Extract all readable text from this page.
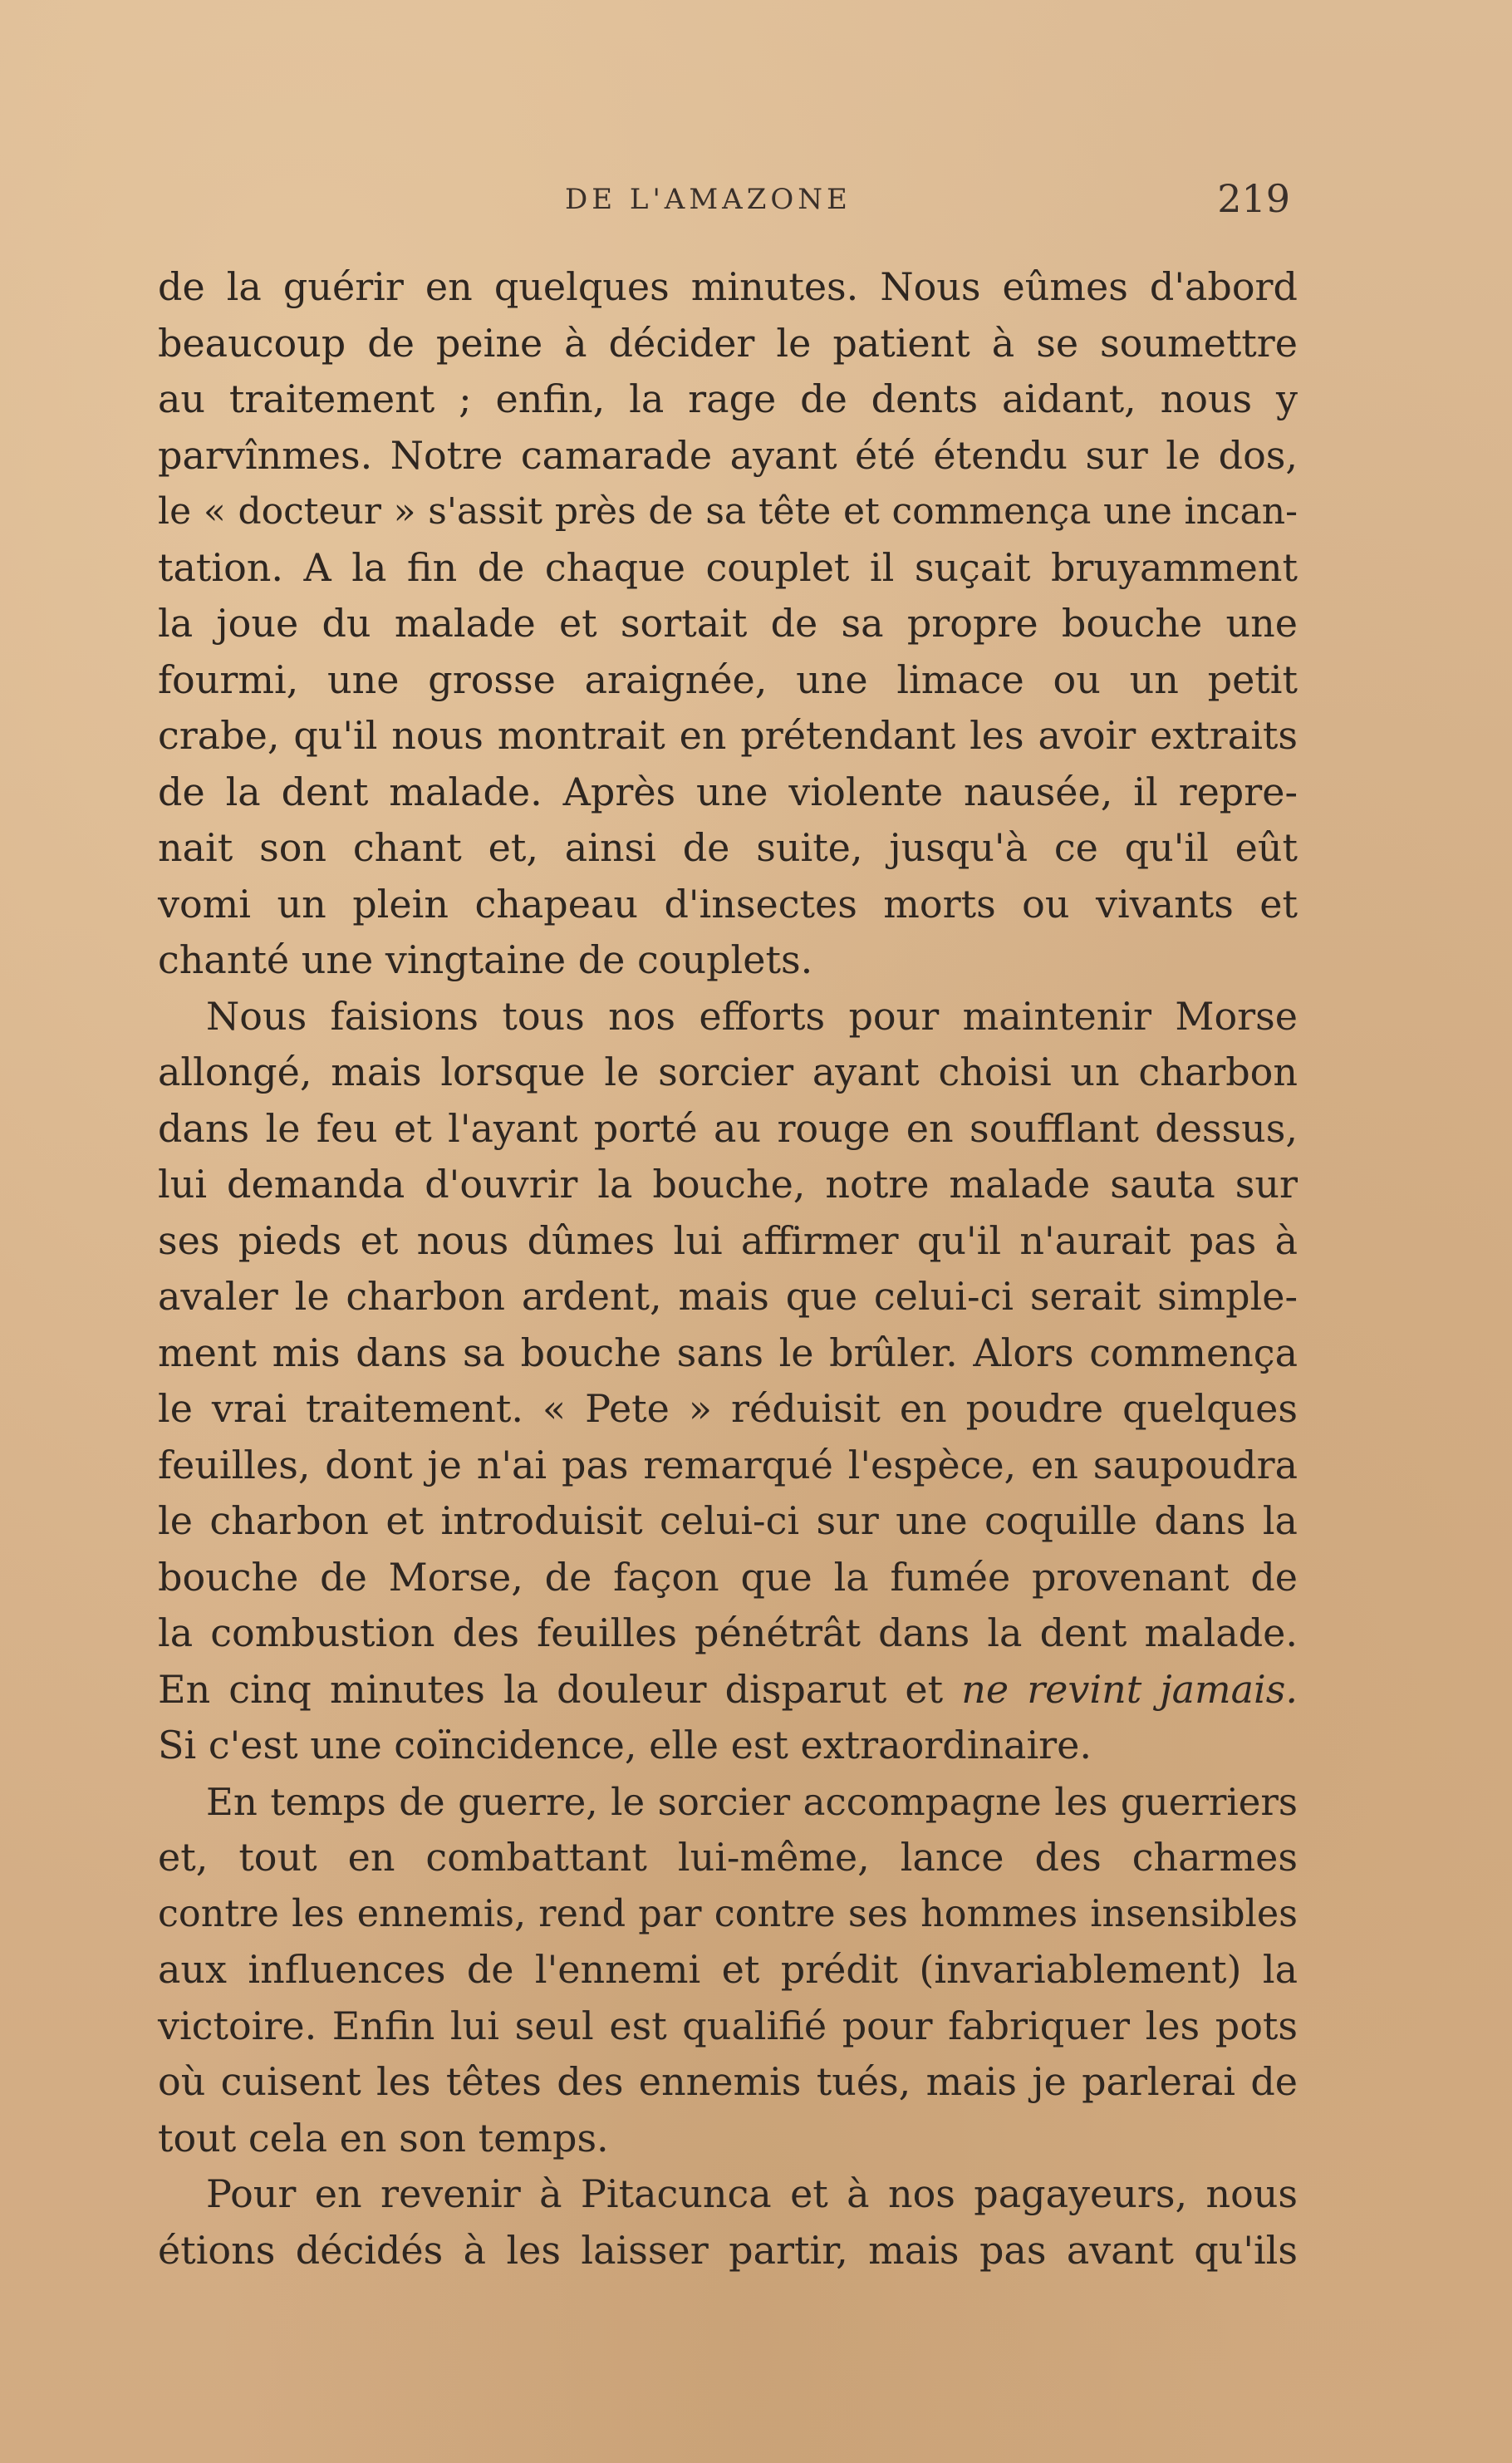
DE L'AMAZONE	219
de la guérir en quelques minutes. Nous eûmes d'abord
beaucoup de peine à décider le patient à se soumettre
au traitement ; enfin, la rage de dents aidant, nous y
parvînmes. Notre camarade ayant été étendu sur le dos,
le « docteur » s'assit près de sa tête et commença une incan-
tation. A la fin de chaque couplet il suçait bruyamment
la joue du malade et sortait de sa propre bouche une
fourmi, une grosse araignée, une limace ou un petit
crabe, qu'il nous montrait en prétendant les avoir extraits
de la dent malade. Après une violente nausée, il repre-
nait son chant et, ainsi de suite, jusqu'à ce qu'il eût
vomi un plein chapeau d'insectes morts ou vivants et
chanté une vingtaine de couplets.
Nous faisions tous nos efforts pour maintenir Morse
allongé, mais lorsque le sorcier ayant choisi un charbon
dans le feu et l'ayant porté au rouge en soufflant dessus,
lui demanda d'ouvrir la bouche, notre malade sauta sur
ses pieds et nous dûmes lui affirmer qu'il n'aurait pas à
avaler le charbon ardent, mais que celui-ci serait simple-
ment mis dans sa bouche sans le brûler. Alors commença
le vrai traitement. « Pete » réduisit en poudre quelques
feuilles, dont je n'ai pas remarqué l'espèce, en saupoudra
le charbon et introduisit celui-ci sur une coquille dans la
bouche de Morse, de façon que la fumée provenant de
la combustion des feuilles pénétrât dans la dent malade.
En cinq minutes la douleur disparut et ne revint jamais.
Si c'est une coïncidence, elle est extraordinaire.
En temps de guerre, le sorcier accompagne les guerriers
et, tout en combattant lui-même, lance des charmes
contre les ennemis, rend par contre ses hommes insensibles
aux influences de l'ennemi et prédit (invariablement) la
victoire. Enfin lui seul est qualifié pour fabriquer les pots
où cuisent les têtes des ennemis tués, mais je parlerai de
tout cela en son temps.
Pour en revenir à Pitacunca et à nos pagayeurs, nous
étions décidés à les laisser partir, mais pas avant qu'ils
